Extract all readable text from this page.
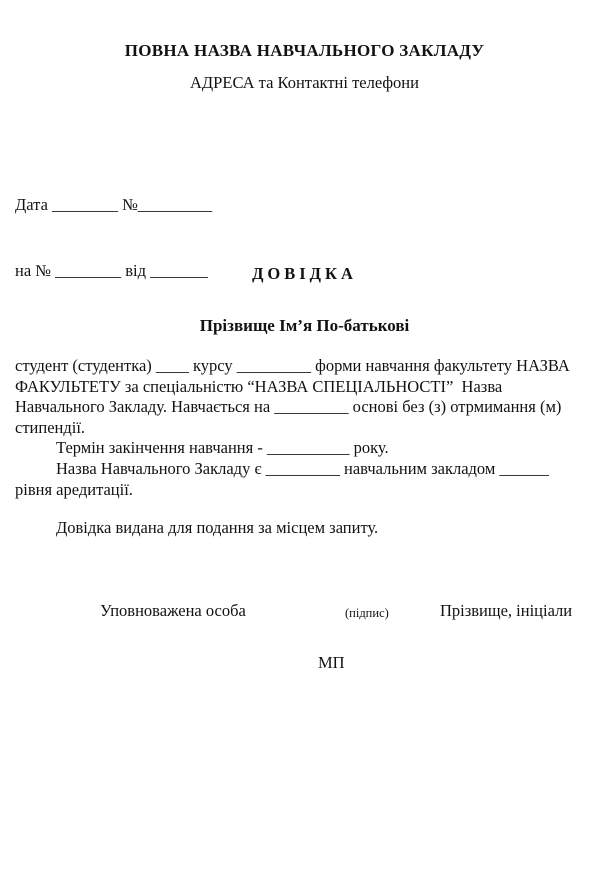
ПОВНА НАЗВА НАВЧАЛЬНОГО ЗАКЛАДУ
АДРЕСА та Контактні телефони

Дата ________ №_________

на № ________ від _______

	ДОВІДКА
Прізвище Ім’я По-батькові
студент (студентка) ____ курсу _________ форми навчання факультету НАЗВА
ФАКУЛЬТЕТУ за спеціальністю “НАЗВА СПЕЦІАЛЬНОСТІ”  Назва
Навчального Закладу. Навчається на _________ основі без (з) отрмимання (м)
стипендії.
Термін закінчення навчання - __________ року.
Назва Навчального Закладу є _________ навчальним закладом ______
рівня аредитації.
Довідка видана для подання за місцем запиту.
Уповноважена особа	(підпис)	Прізвище, ініціали
МП
